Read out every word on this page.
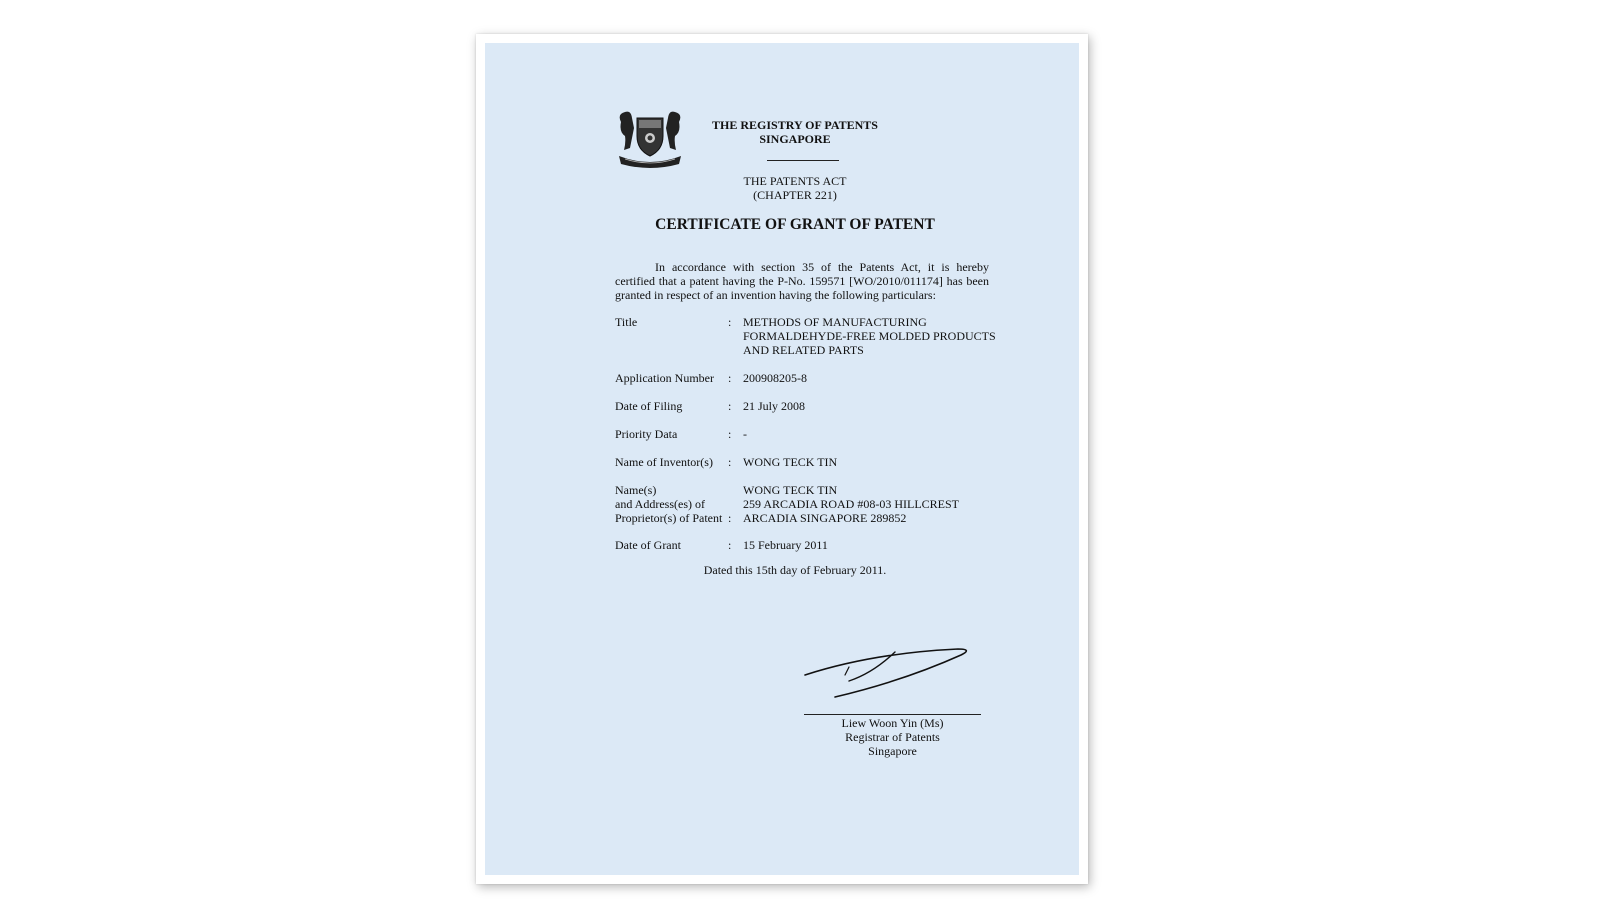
THE REGISTRY OF PATENTS
SINGAPORE
THE PATENTS ACT
(CHAPTER 221)
CERTIFICATE OF GRANT OF PATENT
In accordance with section 35 of the Patents Act, it is hereby
certified that a patent having the P-No. 159571 [WO/2010/011174] has been
granted in respect of an invention having the following particulars:
Title	: METHODS OF MANUFACTURING
FORMALDEHYDE-FREE MOLDED PRODUCTS
AND RELATED PARTS
Application Number : 200908205-8
Date of Filing	: 21 July 2008
Priority Data	: -
Name of Inventor(s) : WONG TECK TIN
Name(s)
and Address(es) of
Proprietor(s) of Patent :
WONG TECK TIN
259 ARCADIA ROAD #08-03 HILLCREST
ARCADIA SINGAPORE 289852
Date of Grant	: 15 February 2011
Dated this 15th day of February 2011.
Liew Woon Yin (Ms)
Registrar of Patents
Singapore
